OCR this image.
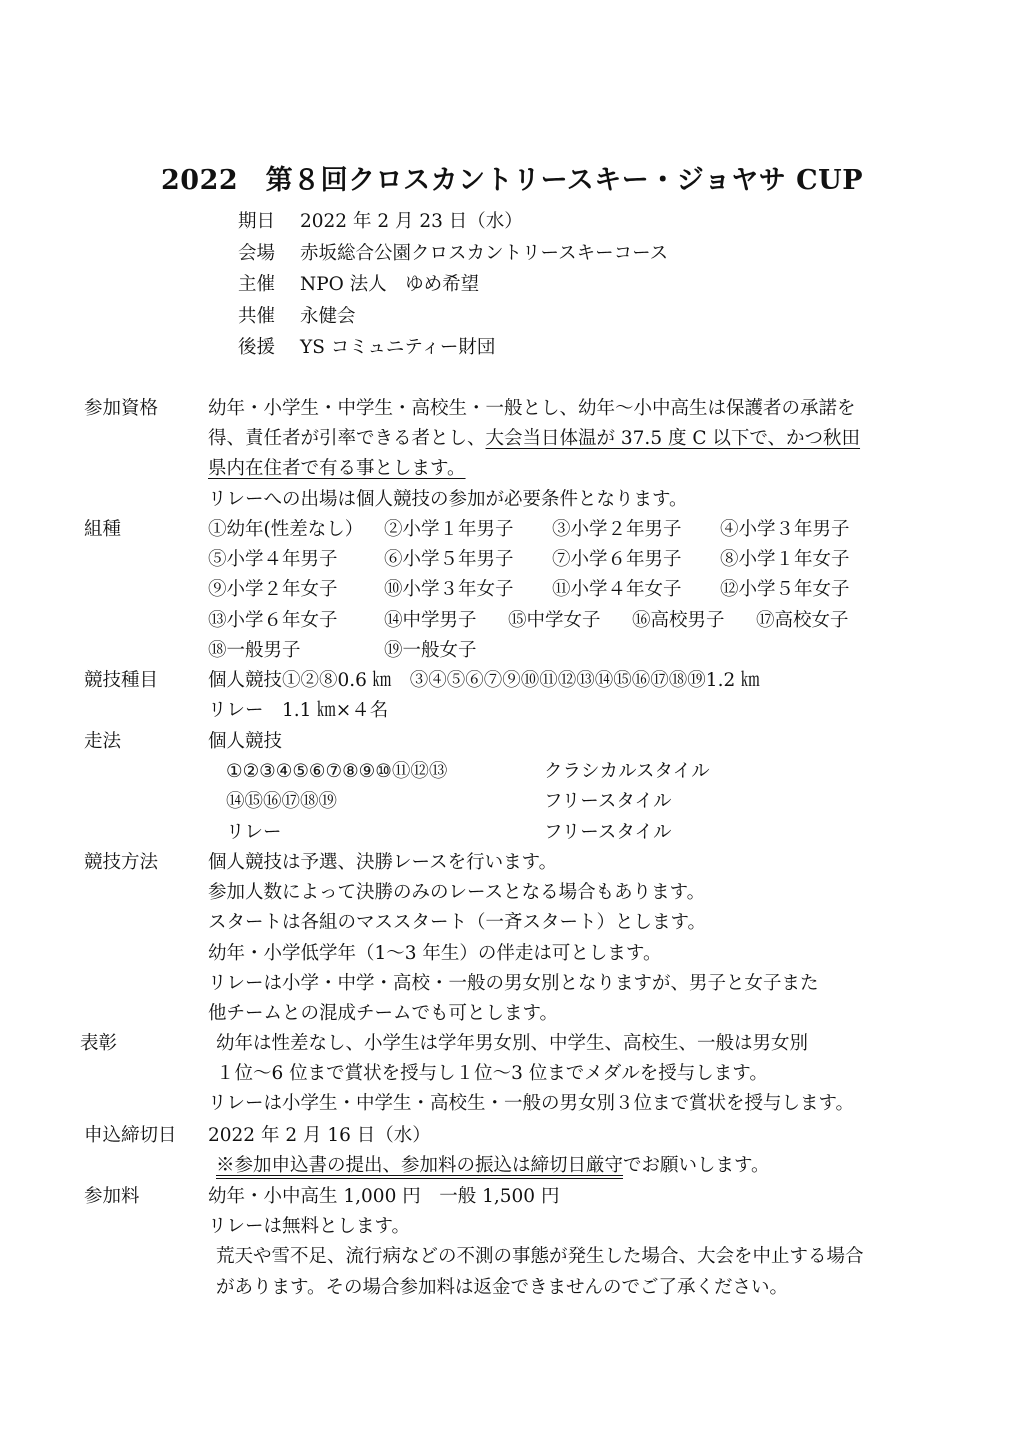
2022　第８回クロスカントリースキー・ジョヤサ CUP
期日 2022 年 2 月 23 日（水）
会場 赤坂総合公園クロスカントリースキーコース
主催 NPO 法人　ゆめ希望
共催 永健会
後援 YS コミュニティー財団
参加資格	幼年・小学生・中学生・高校生・一般とし、幼年～小中高生は保護者の承諾を
得、責任者が引率できる者とし、大会当日体温が 37.5 度 C 以下で、かつ秋田
県内在住者で有る事とします。
リレーへの出場は個人競技の参加が必要条件となります。
組種	①幼年(性差なし） ②小学１年男子 ③小学２年男子 ④小学３年男子
⑤小学４年男子	⑥小学５年男子 ⑦小学６年男子 ⑧小学１年女子
⑨小学２年女子	⑩小学３年女子 ⑪小学４年女子 ⑫小学５年女子
⑬小学６年女子	⑭中学男子 ⑮中学女子 ⑯高校男子 ⑰高校女子
⑱一般男子	⑲一般女子
競技種目	個人競技①②⑧0.6 ㎞　③④⑤⑥⑦⑨⑩⑪⑫⑬⑭⑮⑯⑰⑱⑲1.2 ㎞
リレー　1.1 ㎞×４名
走法	個人競技
①②③④⑤⑥⑦⑧⑨⑩⑪⑫⑬	クラシカルスタイル
⑭⑮⑯⑰⑱⑲	フリースタイル
リレー	フリースタイル
競技方法	個人競技は予選、決勝レースを行います。
参加人数によって決勝のみのレースとなる場合もあります。
スタートは各組のマススタート（一斉スタート）とします。
幼年・小学低学年（1～3 年生）の伴走は可とします。
リレーは小学・中学・高校・一般の男女別となりますが、男子と女子また
他チームとの混成チームでも可とします。
表彰	幼年は性差なし、小学生は学年男女別、中学生、高校生、一般は男女別
１位～6 位まで賞状を授与し１位～3 位までメダルを授与します。
リレーは小学生・中学生・高校生・一般の男女別３位まで賞状を授与します。
申込締切日 2022 年 2 月 16 日（水）
※参加申込書の提出、参加料の振込は締切日厳守でお願いします。
参加料	幼年・小中高生 1,000 円　一般 1,500 円
リレーは無料とします。
荒天や雪不足、流行病などの不測の事態が発生した場合、大会を中止する場合
があります。その場合参加料は返金できませんのでご了承ください。
